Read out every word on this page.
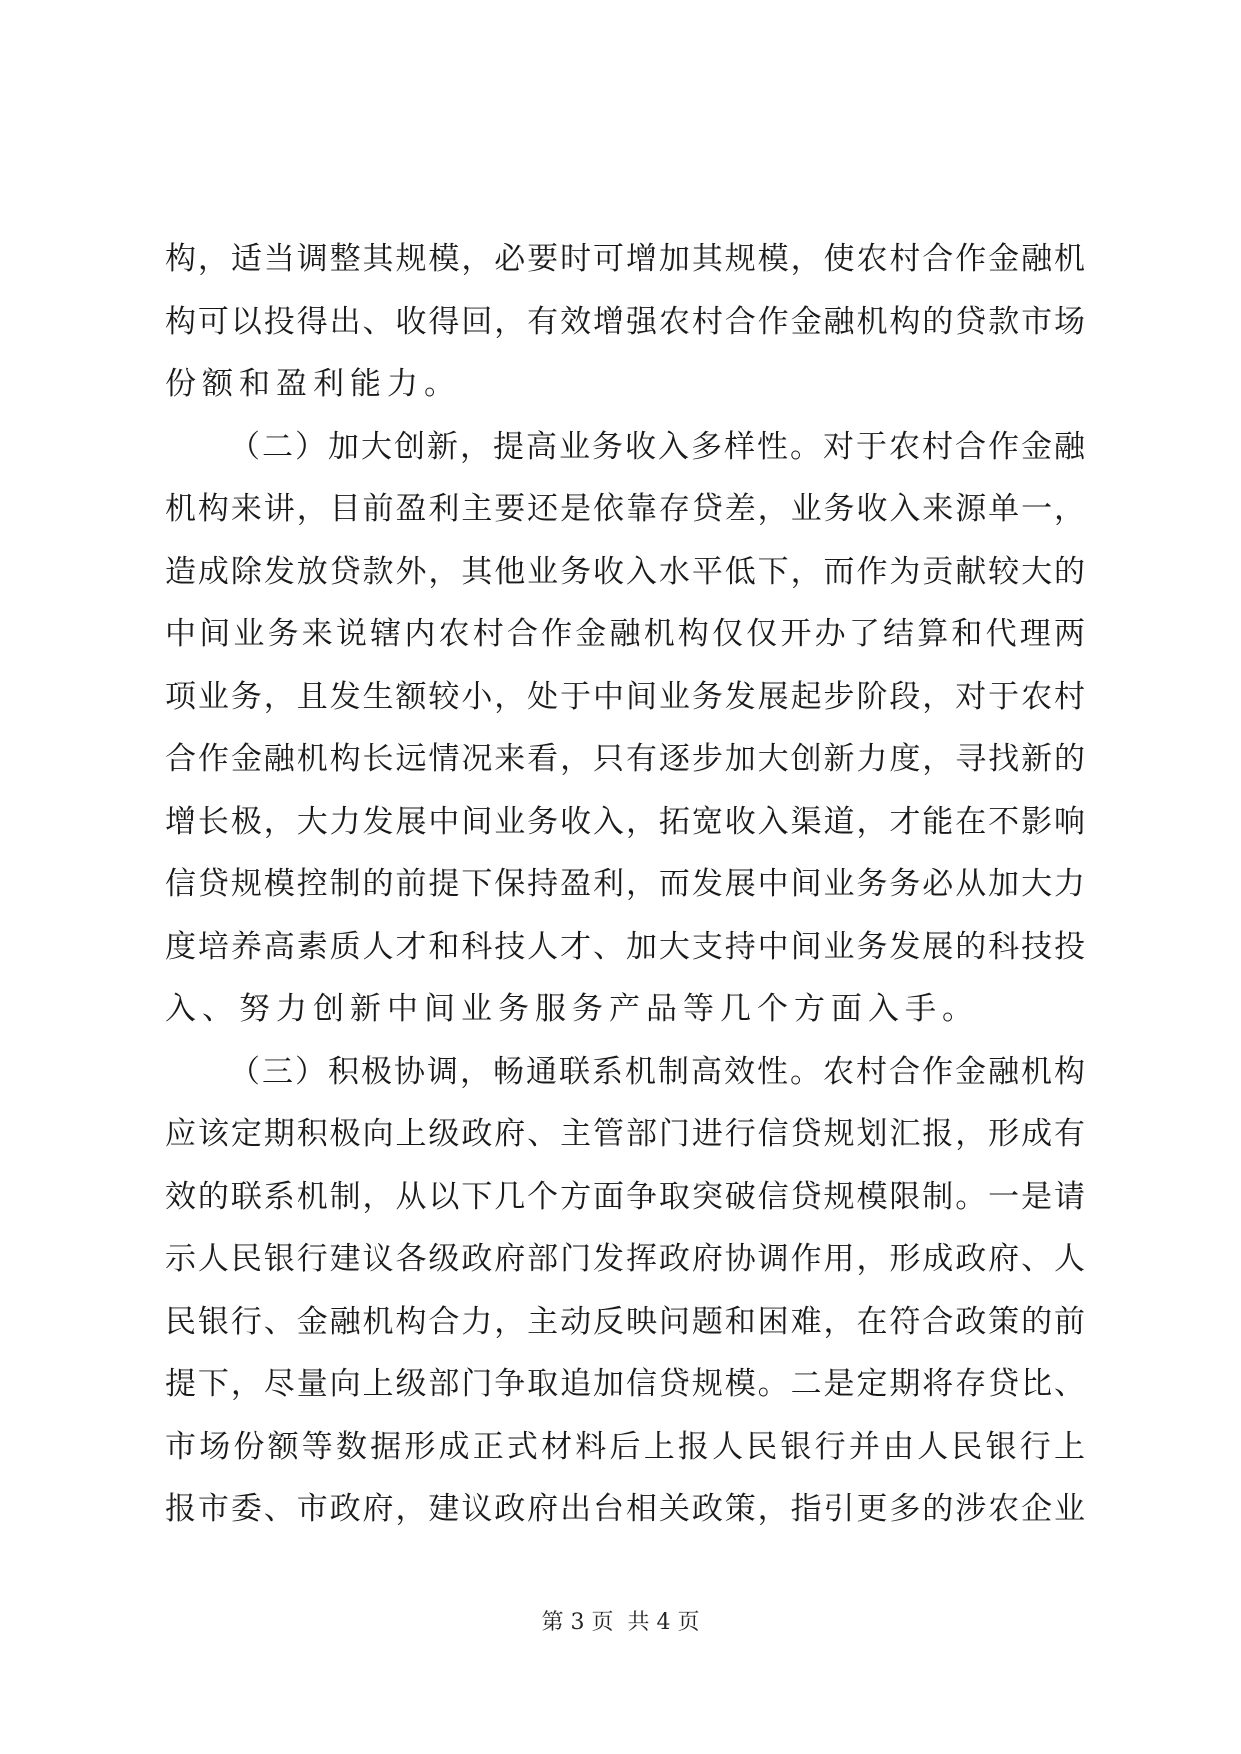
构，适当调整其规模，必要时可增加其规模，使农村合作金融机
构可以投得出、收得回，有效增强农村合作金融机构的贷款市场
份额和盈利能力。
（二）加大创新，提高业务收入多样性。对于农村合作金融
机构来讲，目前盈利主要还是依靠存贷差，业务收入来源单一，
造成除发放贷款外，其他业务收入水平低下，而作为贡献较大的
中间业务来说辖内农村合作金融机构仅仅开办了结算和代理两
项业务，且发生额较小，处于中间业务发展起步阶段，对于农村
合作金融机构长远情况来看，只有逐步加大创新力度，寻找新的
增长极，大力发展中间业务收入，拓宽收入渠道，才能在不影响
信贷规模控制的前提下保持盈利，而发展中间业务务必从加大力
度培养高素质人才和科技人才、加大支持中间业务发展的科技投
入、努力创新中间业务服务产品等几个方面入手。
（三）积极协调，畅通联系机制高效性。农村合作金融机构
应该定期积极向上级政府、主管部门进行信贷规划汇报，形成有
效的联系机制，从以下几个方面争取突破信贷规模限制。一是请
示人民银行建议各级政府部门发挥政府协调作用，形成政府、人
民银行、金融机构合力，主动反映问题和困难，在符合政策的前
提下，尽量向上级部门争取追加信贷规模。二是定期将存贷比、
市场份额等数据形成正式材料后上报人民银行并由人民银行上
报市委、市政府，建议政府出台相关政策，指引更多的涉农企业
第 3 页  共 4 页
